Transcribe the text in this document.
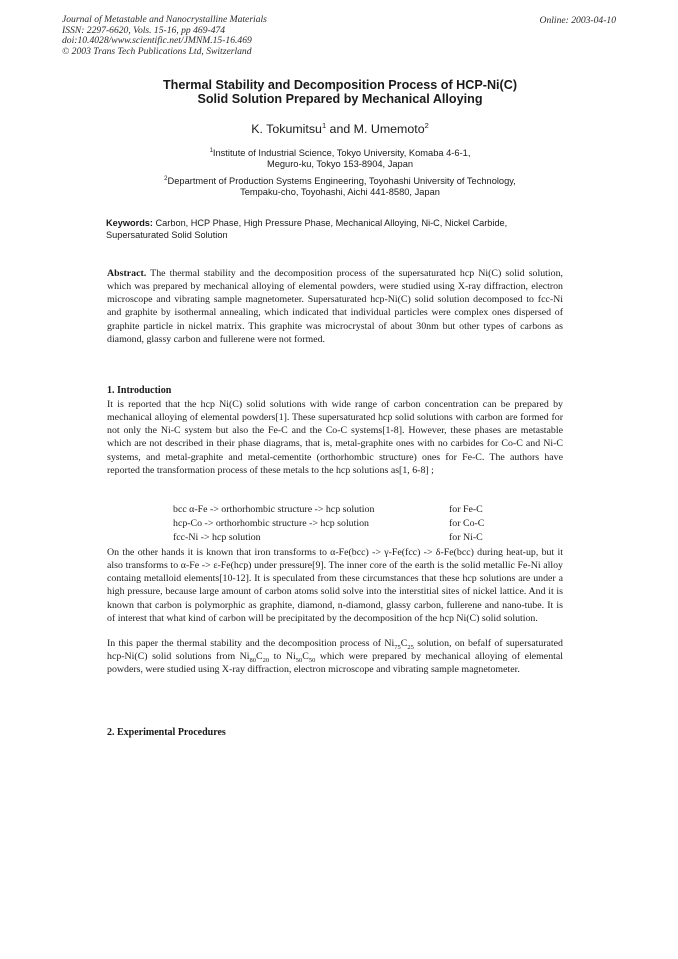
Journal of Metastable and Nanocrystalline Materials
ISSN: 2297-6620, Vols. 15-16, pp 469-474
doi:10.4028/www.scientific.net/JMNM.15-16.469
© 2003 Trans Tech Publications Ltd, Switzerland
Online: 2003-04-10
Thermal Stability and Decomposition Process of HCP-Ni(C)
Solid Solution Prepared by Mechanical Alloying
K. Tokumitsu$^1$ and M. Umemoto$^2$
$^1$Institute of Industrial Science, Tokyo University, Komaba 4-6-1,
Meguro-ku, Tokyo 153-8904, Japan
$^2$Department of Production Systems Engineering, Toyohashi University of Technology,
Tempaku-cho, Toyohashi, Aichi 441-8580, Japan
Keywords: Carbon, HCP Phase, High Pressure Phase, Mechanical Alloying, Ni-C, Nickel Carbide, Supersaturated Solid Solution
Abstract. The thermal stability and the decomposition process of the supersaturated hcp Ni(C) solid solution, which was prepared by mechanical alloying of elemental powders, were studied using X-ray diffraction, electron microscope and vibrating sample magnetometer. Supersaturated hcp-Ni(C) solid solution decomposed to fcc-Ni and graphite by isothermal annealing, which indicated that individual particles were complex ones dispersed of graphite particle in nickel matrix. This graphite was microcrystal of about 30nm but other types of carbons as diamond, glassy carbon and fullerene were not formed.
1. Introduction
It is reported that the hcp Ni(C) solid solutions with wide range of carbon concentration can be prepared by mechanical alloying of elemental powders[1]. These supersaturated hcp solid solutions with carbon are formed for not only the Ni-C system but also the Fe-C and the Co-C systems[1-8]. However, these phases are metastable which are not described in their phase diagrams, that is, metal-graphite ones with no carbides for Co-C and Ni-C systems, and metal-graphite and metal-cementite (orthorhombic structure) ones for Fe-C. The authors have reported the transformation process of these metals to the hcp solutions as[1, 6-8] ;
bcc α-Fe -> orthorhombic structure -> hcp solution	for Fe-C
hcp-Co -> orthorhombic structure -> hcp solution	for Co-C
fcc-Ni -> hcp solution	for Ni-C
On the other hands it is known that iron transforms to α-Fe(bcc) -> γ-Fe(fcc) -> δ-Fe(bcc) during heat-up, but it also transforms to α-Fe -> ε-Fe(hcp) under pressure[9]. The inner core of the earth is the solid metallic Fe-Ni alloy containg metalloid elements[10-12]. It is speculated from these circumstances that these hcp solutions are under a high pressure, because large amount of carbon atoms solid solve into the interstitial sites of nickel lattice. And it is known that carbon is polymorphic as graphite, diamond, n-diamond, glassy carbon, fullerene and nano-tube. It is of interest that what kind of carbon will be precipitated by the decomposition of the hcp Ni(C) solid solution.
In this paper the thermal stability and the decomposition process of $Ni_{75}C_{25}$ solution, on befalf of supersaturated hcp-Ni(C) solid solutions from $Ni_{80}C_{20}$ to $Ni_{50}C_{50}$ which were prepared by mechanical alloying of elemental powders, were studied using X-ray diffraction, electron microscope and vibrating sample magnetometer.
2. Experimental Procedures
